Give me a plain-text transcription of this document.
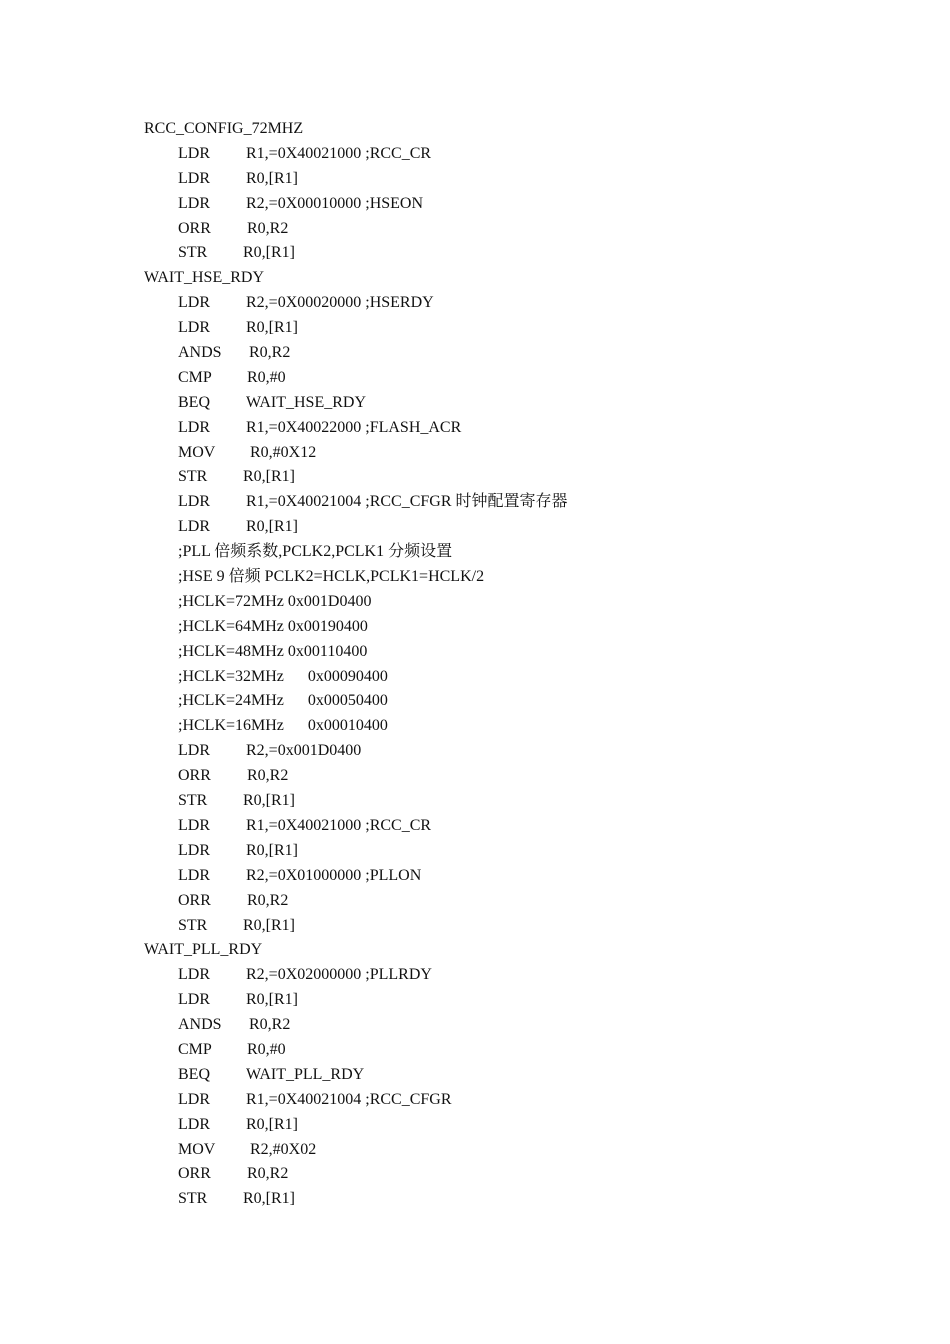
RCC_CONFIG_72MHZ
LDR R1,=0X40021000 ;RCC_CR
LDR R0,[R1]
LDR R2,=0X00010000 ;HSEON
ORR R0,R2
STR R0,[R1]
WAIT_HSE_RDY
LDR R2,=0X00020000 ;HSERDY
LDR R0,[R1]
ANDS R0,R2
CMP R0,#0
BEQ WAIT_HSE_RDY
LDR R1,=0X40022000 ;FLASH_ACR
MOV R0,#0X12
STR R0,[R1]
LDR R1,=0X40021004 ;RCC_CFGR 时钟配置寄存器
LDR R0,[R1]
;PLL 倍频系数,PCLK2,PCLK1 分频设置
;HSE 9 倍频 PCLK2=HCLK,PCLK1=HCLK/2
;HCLK=72MHz 0x001D0400
;HCLK=64MHz 0x00190400
;HCLK=48MHz 0x00110400
;HCLK=32MHz      0x00090400
;HCLK=24MHz      0x00050400
;HCLK=16MHz      0x00010400
LDR R2,=0x001D0400
ORR R0,R2
STR R0,[R1]
LDR R1,=0X40021000 ;RCC_CR
LDR R0,[R1]
LDR R2,=0X01000000 ;PLLON
ORR R0,R2
STR R0,[R1]
WAIT_PLL_RDY
LDR R2,=0X02000000 ;PLLRDY
LDR R0,[R1]
ANDS R0,R2
CMP R0,#0
BEQ WAIT_PLL_RDY
LDR R1,=0X40021004 ;RCC_CFGR
LDR R0,[R1]
MOV R2,#0X02
ORR R0,R2
STR R0,[R1]
